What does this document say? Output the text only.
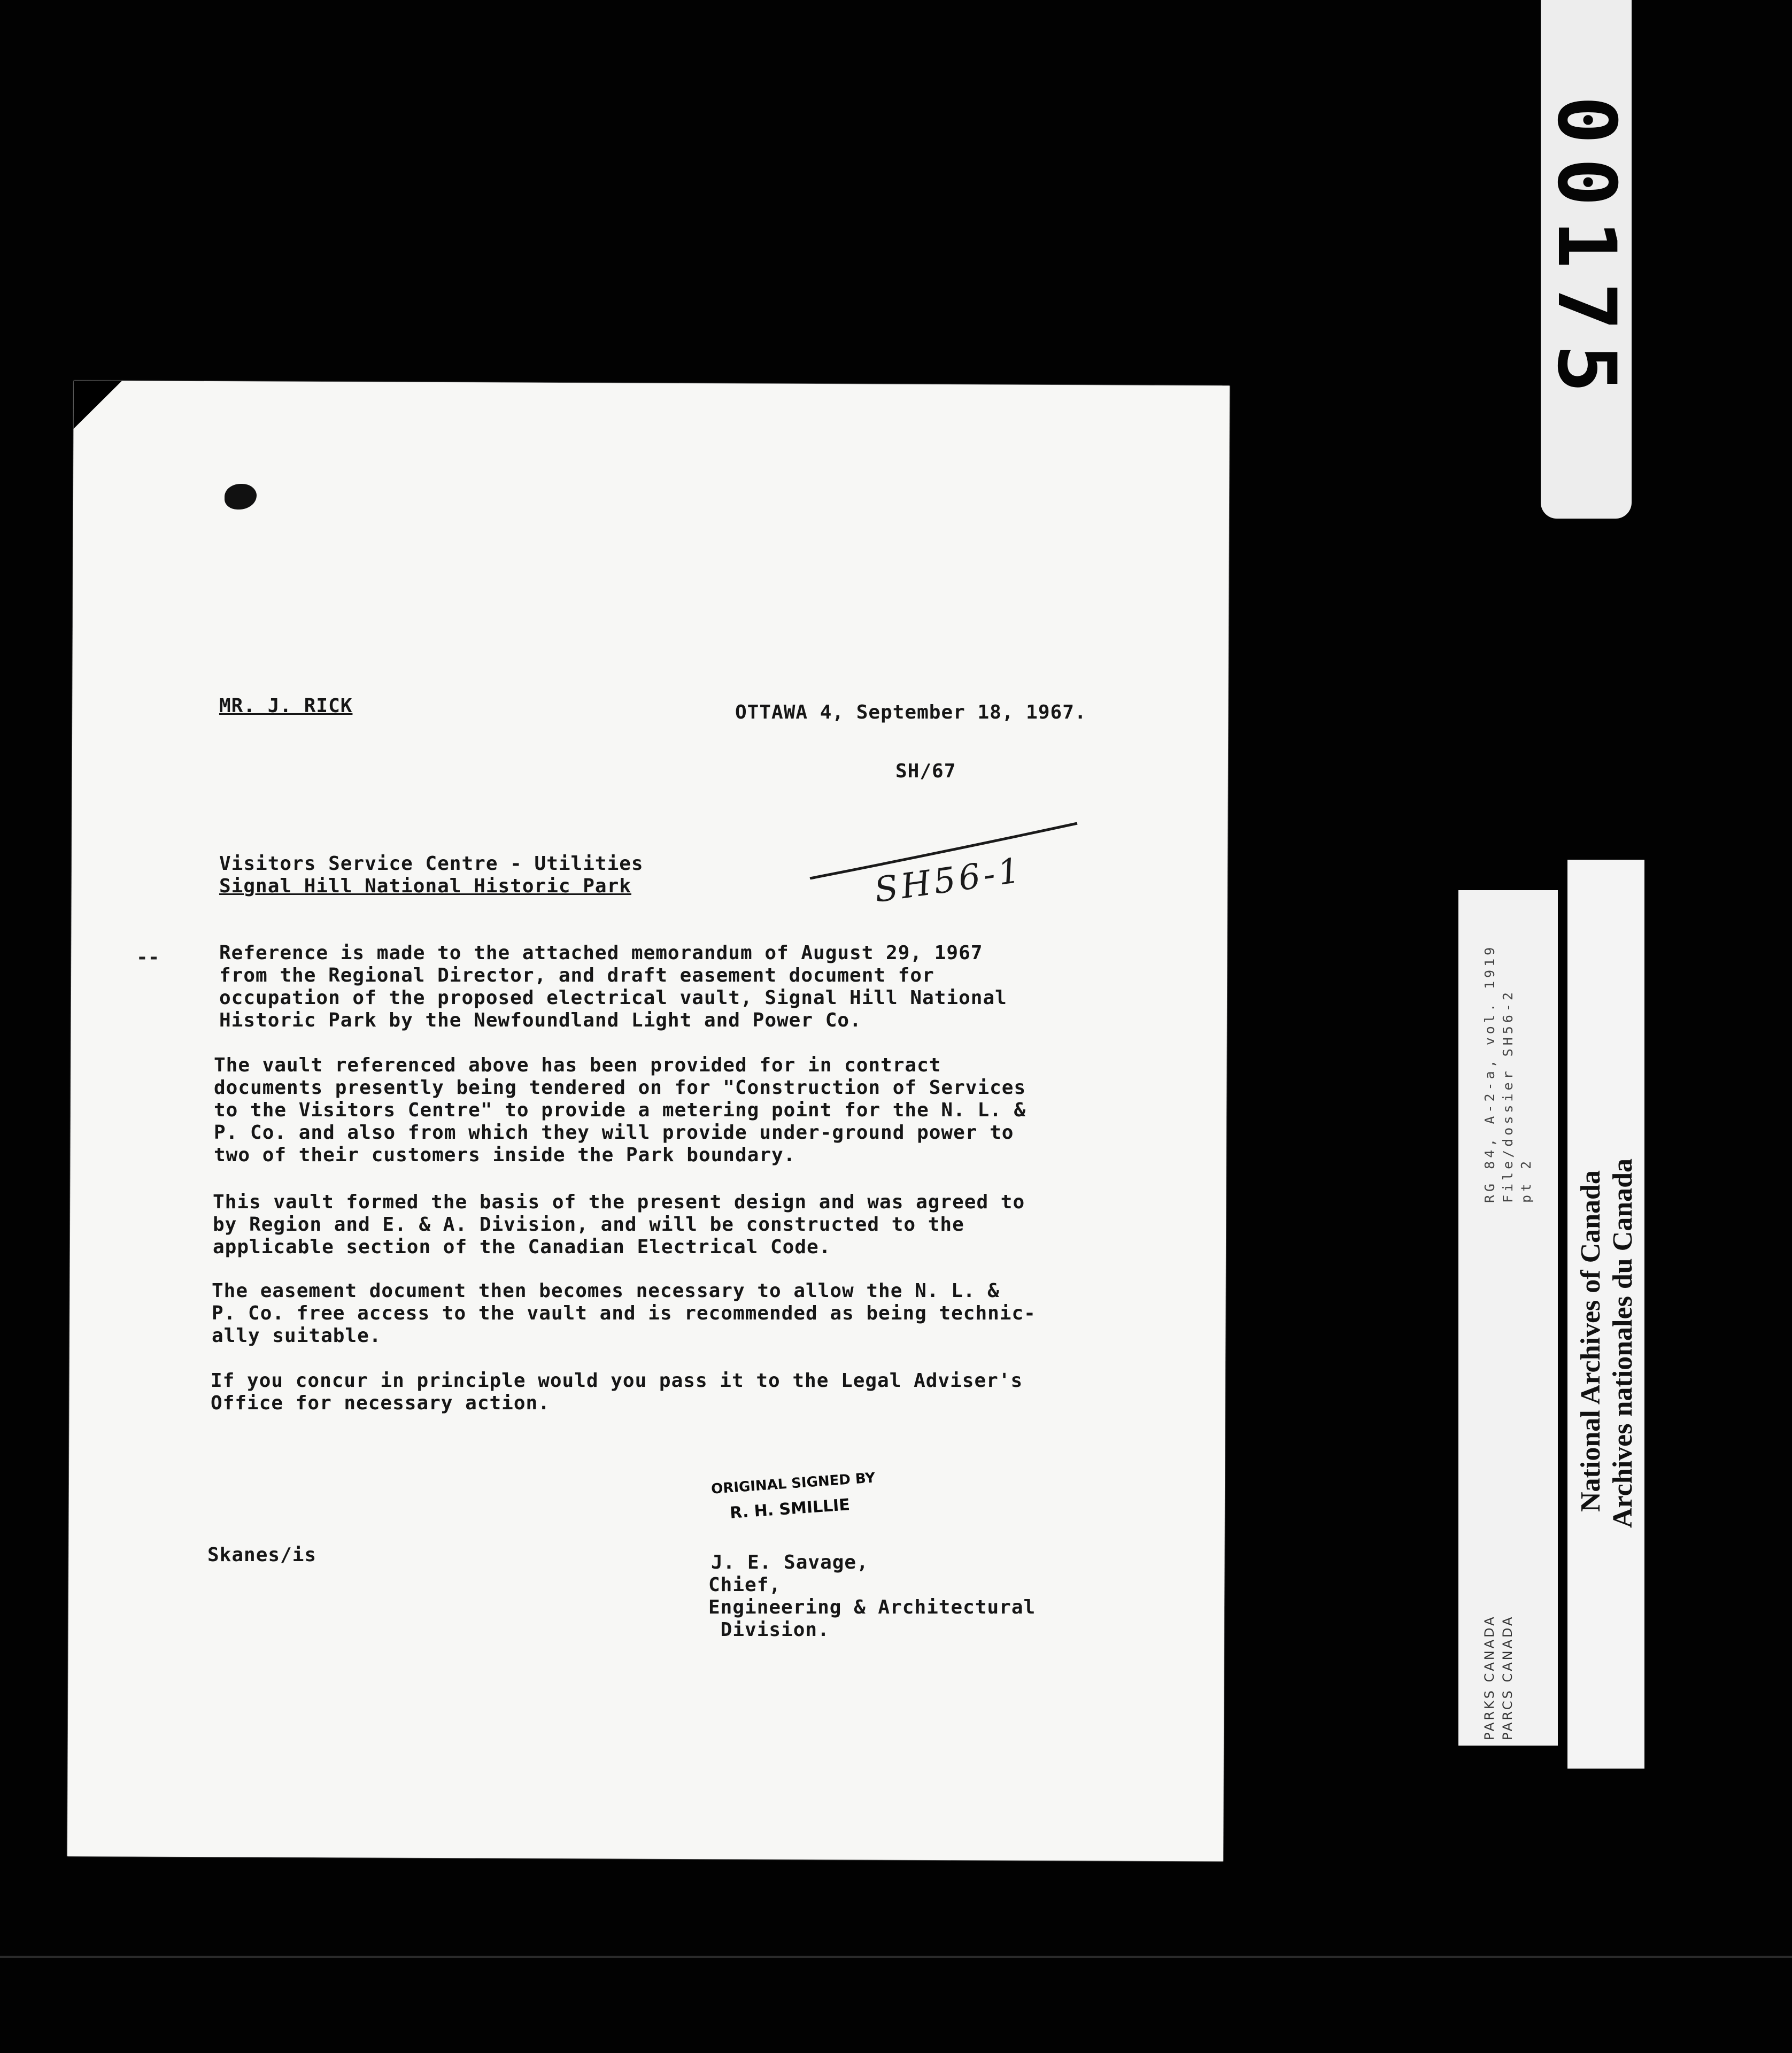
MR. J. RICK	OTTAWA 4, September 18, 1967.
SH/67
SH56-1
Visitors Service Centre - Utilities
Signal Hill National Historic Park
--	Reference is made to the attached memorandum of August 29, 1967
from the Regional Director, and draft easement document for
occupation of the proposed electrical vault, Signal Hill National
Historic Park by the Newfoundland Light and Power Co.
The vault referenced above has been provided for in contract
documents presently being tendered on for "Construction of Services
to the Visitors Centre" to provide a metering point for the N. L. &
P. Co. and also from which they will provide under-ground power to
two of their customers inside the Park boundary.
This vault formed the basis of the present design and was agreed to
by Region and E. & A. Division, and will be constructed to the
applicable section of the Canadian Electrical Code.
The easement document then becomes necessary to allow the N. L. &
P. Co. free access to the vault and is recommended as being technic-
ally suitable.
If you concur in principle would you pass it to the Legal Adviser's
Office for necessary action.
ORIGINAL SIGNED BY
R. H. SMILLIE
Skanes/is	J. E. Savage,
Chief,
Engineering & Architectural
Division.
00175
RG 84, A-2-a, vol. 1919 File/dossier SH56-2 pt 2
PARKS CANADA PARCS CANADA
National Archives of Canada Archives nationales du Canada
